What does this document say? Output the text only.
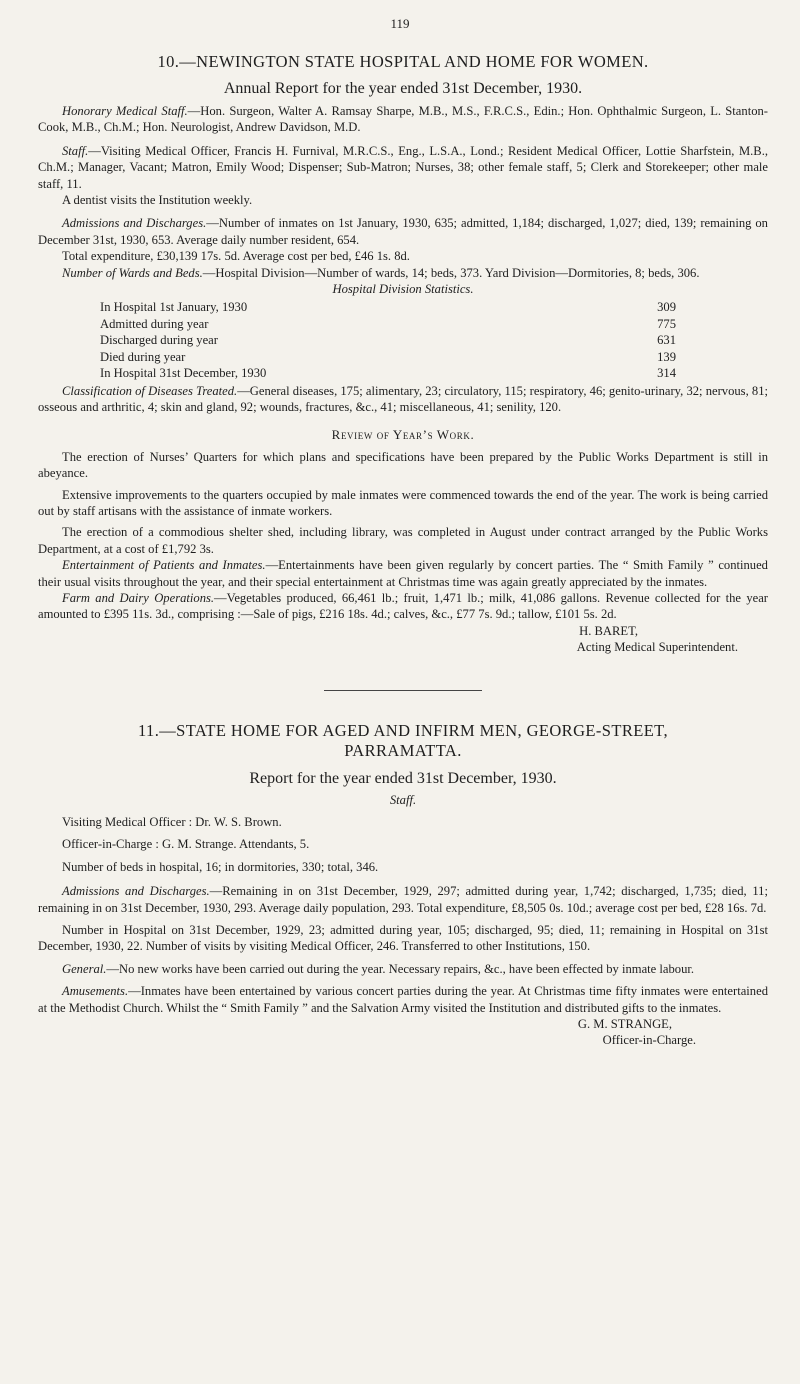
119
10.—NEWINGTON STATE HOSPITAL AND HOME FOR WOMEN.
Annual Report for the year ended 31st December, 1930.

Honorary Medical Staff.—Hon. Surgeon, Walter A. Ramsay Sharpe, M.B., M.S., F.R.C.S., Edin.; Hon. Ophthalmic Surgeon, L. Stanton-Cook, M.B., Ch.M.; Hon. Neurologist, Andrew Davidson, M.D.

Staff.—Visiting Medical Officer, Francis H. Furnival, M.R.C.S., Eng., L.S.A., Lond.; Resident Medical Officer, Lottie Sharfstein, M.B., Ch.M.; Manager, Vacant; Matron, Emily Wood; Dispenser; Sub-Matron; Nurses, 38; other female staff, 5; Clerk and Storekeeper; other male staff, 11.

A dentist visits the Institution weekly.

Admissions and Discharges.—Number of inmates on 1st January, 1930, 635; admitted, 1,184; discharged, 1,027; died, 139; remaining on December 31st, 1930, 653. Average daily number resident, 654.

Total expenditure, £30,139 17s. 5d. Average cost per bed, £46 1s. 8d.

Number of Wards and Beds.—Hospital Division—Number of wards, 14; beds, 373. Yard Division—Dormitories, 8; beds, 306.

Hospital Division Statistics.

In Hospital 1st January, 1930	309
Admitted during year	775
Discharged during year	631
Died during year	139
In Hospital 31st December, 1930	314

Classification of Diseases Treated.—General diseases, 175; alimentary, 23; circulatory, 115; respiratory, 46; genito-urinary, 32; nervous, 81; osseous and arthritic, 4; skin and gland, 92; wounds, fractures, &c., 41; miscellaneous, 41; senility, 120.

Review of Year’s Work.

The erection of Nurses’ Quarters for which plans and specifications have been prepared by the Public Works Department is still in abeyance.

Extensive improvements to the quarters occupied by male inmates were commenced towards the end of the year. The work is being carried out by staff artisans with the assistance of inmate workers.

The erection of a commodious shelter shed, including library, was completed in August under contract arranged by the Public Works Department, at a cost of £1,792 3s.

Entertainment of Patients and Inmates.—Entertainments have been given regularly by concert parties. The “ Smith Family ” continued their usual visits throughout the year, and their special entertainment at Christmas time was again greatly appreciated by the inmates.

Farm and Dairy Operations.—Vegetables produced, 66,461 lb.; fruit, 1,471 lb.; milk, 41,086 gallons. Revenue collected for the year amounted to £395 11s. 3d., comprising :—Sale of pigs, £216 18s. 4d.; calves, &c., £77 7s. 9d.; tallow, £101 5s. 2d.

H. BARET,

Acting Medical Superintendent.

11.—STATE HOME FOR AGED AND INFIRM MEN, GEORGE-STREET,
PARRAMATTA.
Report for the year ended 31st December, 1930.

Staff.

Visiting Medical Officer : Dr. W. S. Brown.

Officer-in-Charge : G. M. Strange. Attendants, 5.

Number of beds in hospital, 16; in dormitories, 330; total, 346.

Admissions and Discharges.—Remaining in on 31st December, 1929, 297; admitted during year, 1,742; discharged, 1,735; died, 11; remaining in on 31st December, 1930, 293. Average daily population, 293. Total expenditure, £8,505 0s. 10d.; average cost per bed, £28 16s. 7d.

Number in Hospital on 31st December, 1929, 23; admitted during year, 105; discharged, 95; died, 11; remaining in Hospital on 31st December, 1930, 22. Number of visits by visiting Medical Officer, 246. Transferred to other Institutions, 150.

General.—No new works have been carried out during the year. Necessary repairs, &c., have been effected by inmate labour.

Amusements.—Inmates have been entertained by various concert parties during the year. At Christmas time fifty inmates were entertained at the Methodist Church. Whilst the “ Smith Family ” and the Salvation Army visited the Institution and distributed gifts to the inmates.

G. M. STRANGE,

Officer-in-Charge.
